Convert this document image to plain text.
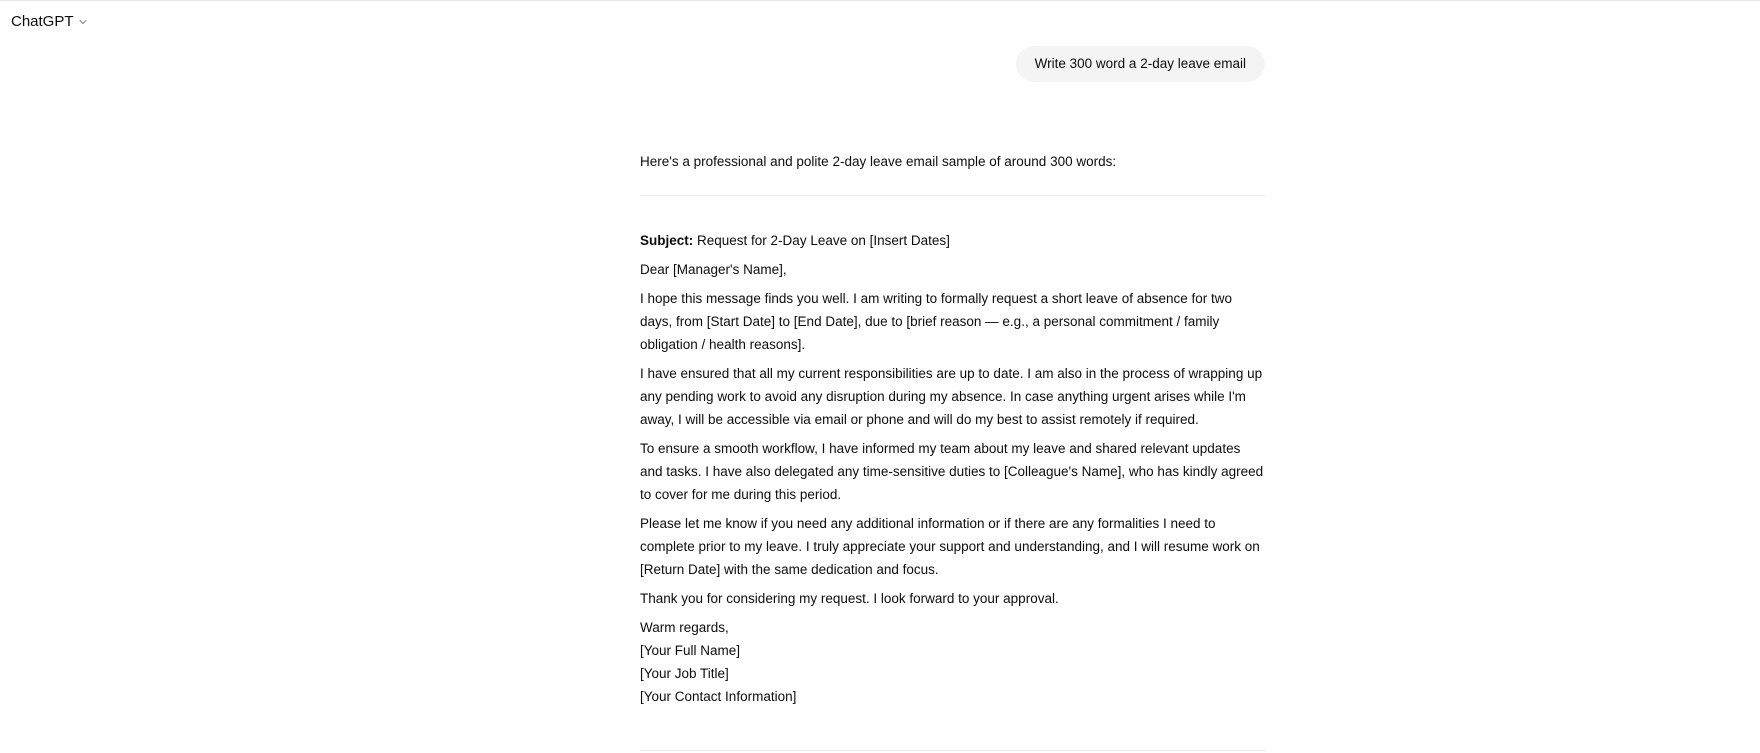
ChatGPT
Write 300 word a 2-day leave email

Here's a professional and polite 2-day leave email sample of around 300 words:

Subject: Request for 2-Day Leave on [Insert Dates]

Dear [Manager's Name],

I hope this message finds you well. I am writing to formally request a short leave of absence for two days, from [Start Date] to [End Date], due to [brief reason — e.g., a personal commitment / family obligation / health reasons].

I have ensured that all my current responsibilities are up to date. I am also in the process of wrapping up any pending work to avoid any disruption during my absence. In case anything urgent arises while I'm away, I will be accessible via email or phone and will do my best to assist remotely if required.

To ensure a smooth workflow, I have informed my team about my leave and shared relevant updates and tasks. I have also delegated any time-sensitive duties to [Colleague's Name], who has kindly agreed to cover for me during this period.

Please let me know if you need any additional information or if there are any formalities I need to complete prior to my leave. I truly appreciate your support and understanding, and I will resume work on [Return Date] with the same dedication and focus.

Thank you for considering my request. I look forward to your approval.

Warm regards,
[Your Full Name]
[Your Job Title]
[Your Contact Information]
